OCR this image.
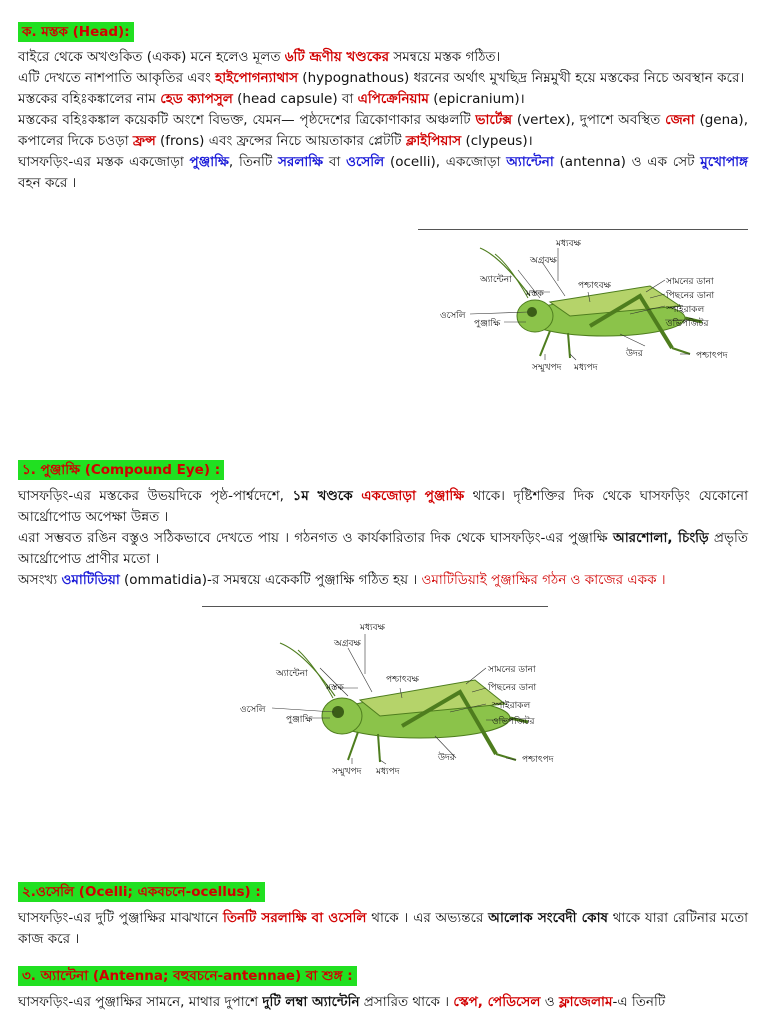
ক. মস্তক (Head):

বাইরে থেকে অখণ্ডকিত (একক) মনে হলেও মূলত ৬টি ভ্রূণীয় খণ্ডকের সমন্বয়ে মস্তক গঠিত।

এটি দেখতে নাশপাতি আকৃতির এবং হাইপোগন্যাথাস (hypognathous) ধরনের অর্থাৎ মুখছিদ্র নিম্নমুখী হয়ে মস্তকের নিচে অবস্থান করে।

মস্তকের বহিঃকঙ্কালের নাম হেড ক্যাপসুল (head capsule) বা এপিক্রেনিয়াম (epicranium)।

মস্তকের বহিঃকঙ্কাল কয়েকটি অংশে বিভক্ত, যেমন— পৃষ্ঠদেশের ত্রিকোণাকার অঞ্চলটি ভার্টেক্স (vertex), দুপাশে অবস্থিত জেনা (gena), কপালের দিকে চওড়া ফ্রন্স (frons) এবং ফ্রন্সের নিচে আয়তাকার প্লেটটি ক্লাইপিয়াস (clypeus)।

ঘাসফড়িং-এর মস্তক একজোড়া পুঞ্জাক্ষি, তিনটি সরলাক্ষি বা ওসেলি (ocelli), একজোড়া অ্যান্টেনা (antenna) ও এক সেট মুখোপাঙ্গ বহন করে ।

মধ্যবক্ষ
অগ্রবক্ষ
অ্যান্টেনা
মস্তক
পশ্চাৎবক্ষ
ওসেলি
পুঞ্জাক্ষি
সামনের ডানা
পিছনের ডানা
স্পাইরাকল
ওভিপজিটর
উদর	পশ্চাৎপদ
সম্মুখপদ মধ্যপদ
১. পুঞ্জাক্ষি (Compound Eye) :

ঘাসফড়িং-এর মস্তকের উভয়দিকে পৃষ্ঠ-পার্শ্বদেশে, ১ম খণ্ডকে একজোড়া পুঞ্জাক্ষি থাকে। দৃষ্টিশক্তির দিক থেকে ঘাসফড়িং যেকোনো আর্থ্রোপোড অপেক্ষা উন্নত ।

এরা সম্ভবত রঙিন বস্তুও সঠিকভাবে দেখতে পায় । গঠনগত ও কার্যকারিতার দিক থেকে ঘাসফড়িং-এর পুঞ্জাক্ষি আরশোলা, চিংড়ি প্রভৃতি আর্থ্রোপোড প্রাণীর মতো ।

অসংখ্য ওমাটিডিয়া (ommatidia)-র সমন্বয়ে একেকটি পুঞ্জাক্ষি গঠিত হয় । ওমাটিডিয়াই পুঞ্জাক্ষির গঠন ও কাজের একক ।

মধ্যবক্ষ
অগ্রবক্ষ
অ্যান্টেনা
মস্তক
পশ্চাৎবক্ষ
ওসেলি
পুঞ্জাক্ষি
সামনের ডানা
পিছনের ডানা
স্পাইরাকল
ওভিপজিটর
উদর	পশ্চাৎপদ
সম্মুখপদ মধ্যপদ
২.ওসেলি (Ocelli; একবচনে-ocellus) :

ঘাসফড়িং-এর দুটি পুঞ্জাক্ষির মাঝখানে তিনটি সরলাক্ষি বা ওসেলি থাকে । এর অভ্যন্তরে আলোক সংবেদী কোষ থাকে যারা রেটিনার মতো কাজ করে ।

৩. অ্যান্টেনা (Antenna; বহুবচনে-antennae) বা শুঙ্গ :

ঘাসফড়িং-এর পুঞ্জাক্ষির সামনে, মাথার দুপাশে দুটি লম্বা অ্যান্টেনি প্রসারিত থাকে । স্কেপ, পেডিসেল ও ফ্লাজেলাম-এ তিনটি
